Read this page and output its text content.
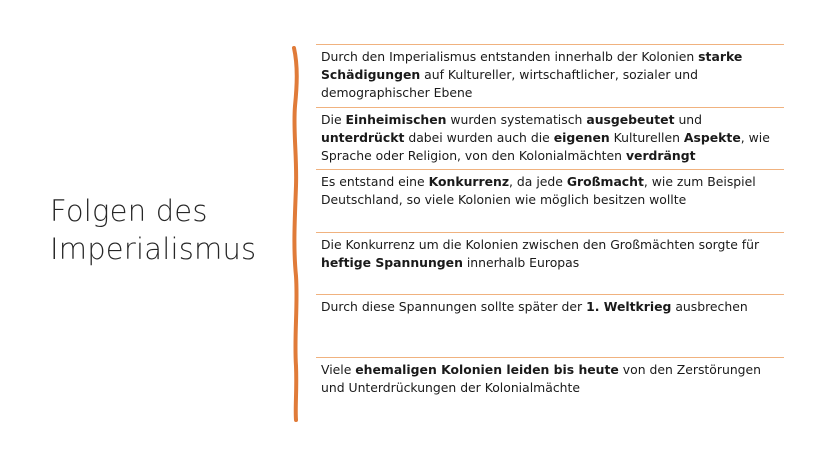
Folgen des
Imperialismus
Durch den Imperialismus entstanden innerhalb der Kolonien starke Schädigungen auf Kultureller, wirtschaftlicher, sozialer und demographischer Ebene
Die Einheimischen wurden systematisch ausgebeutet und unterdrückt dabei wurden auch die eigenen Kulturellen Aspekte, wie Sprache oder Religion, von den Kolonialmächten verdrängt
Es entstand eine Konkurrenz, da jede Großmacht, wie zum Beispiel Deutschland, so viele Kolonien wie möglich besitzen wollte
Die Konkurrenz um die Kolonien zwischen den Großmächten sorgte für heftige Spannungen innerhalb Europas
Durch diese Spannungen sollte später der 1. Weltkrieg ausbrechen
Viele ehemaligen Kolonien leiden bis heute von den Zerstörungen und Unterdrückungen der Kolonialmächte
